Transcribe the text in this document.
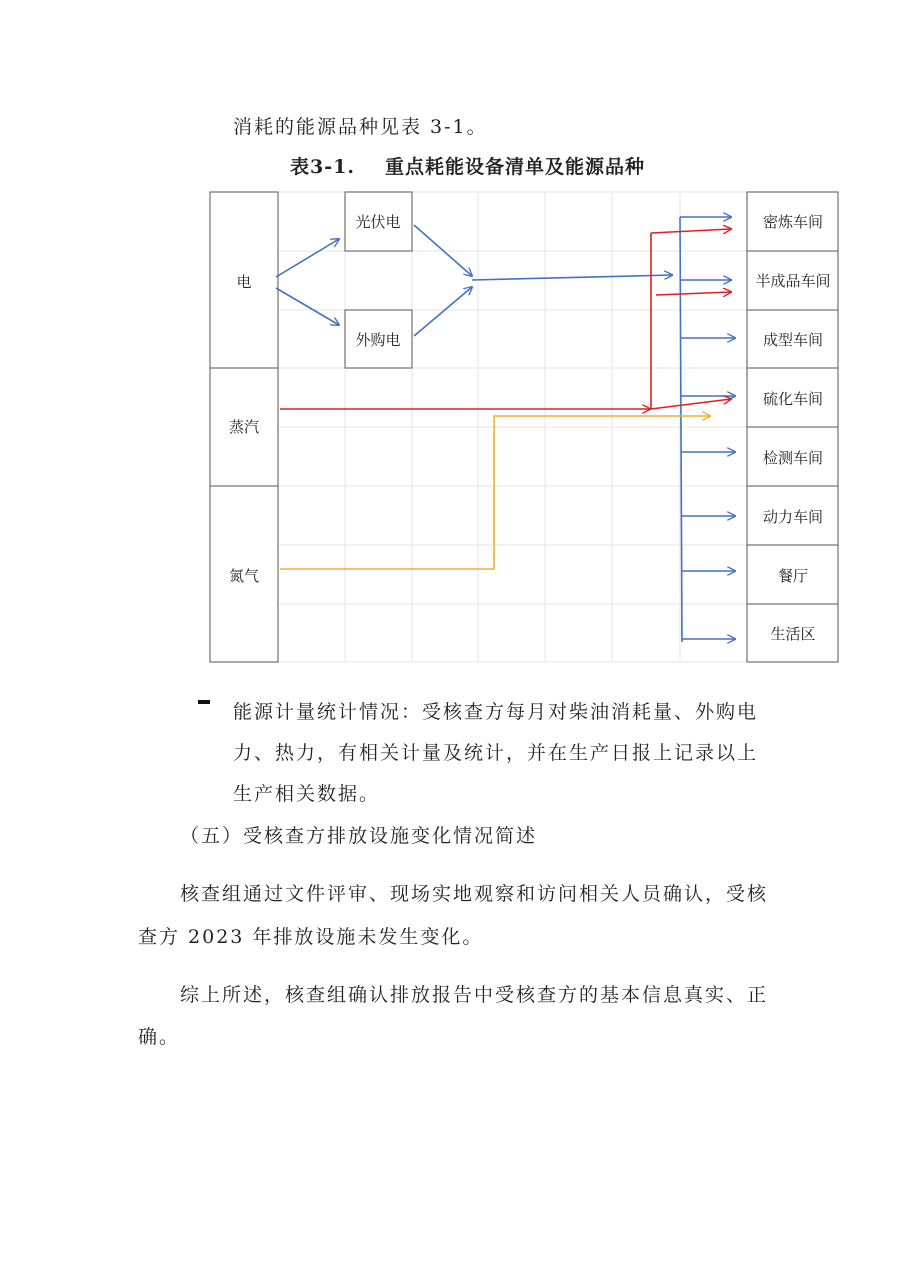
消耗的能源品种见表 3-1。
表3-1. 重点耗能设备清单及能源品种
电
蒸汽
氮气
光伏电
外购电
密炼车间
半成品车间
成型车间
硫化车间
检测车间
动力车间
餐厅
生活区
能源计量统计情况：受核查方每月对柴油消耗量、外购电
力、热力，有相关计量及统计，并在生产日报上记录以上
生产相关数据。
（五）受核查方排放设施变化情况简述
核查组通过文件评审、现场实地观察和访问相关人员确认，受核
查方 2023 年排放设施未发生变化。
综上所述，核查组确认排放报告中受核查方的基本信息真实、正
确。
